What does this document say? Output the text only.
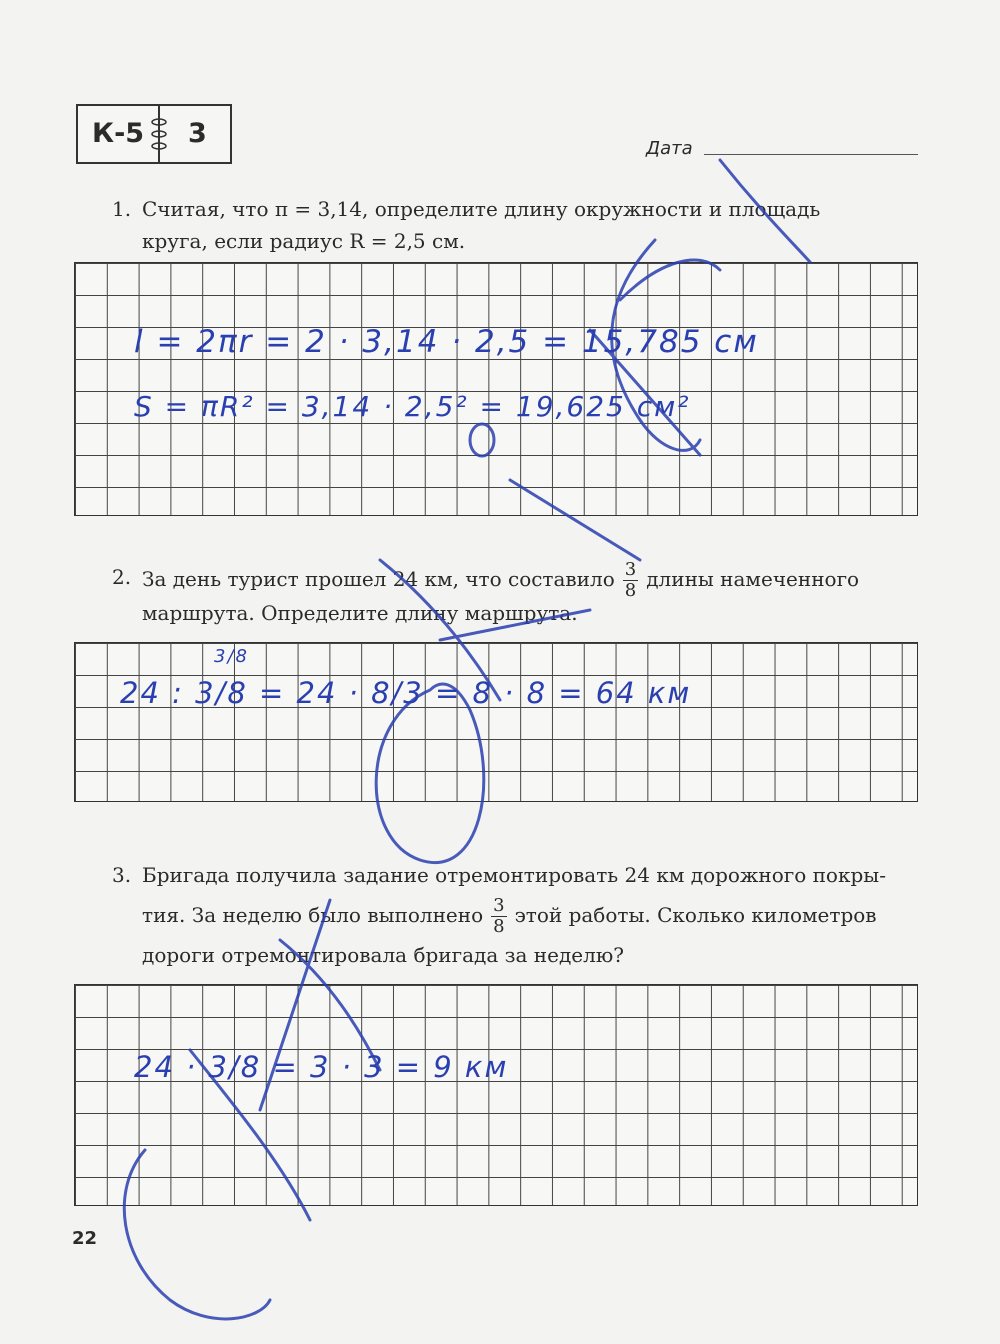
К-5 3	Дата
1. Считая, что π = 3,14, определите длину окружности и площадь
круга, если радиус R = 2,5 см.
l = 2πr = 2 · 3,14 · 2,5 = 15,785 см
S = πR² = 3,14 · 2,5² = 19,625 см²
2. За день турист прошел 24 км, что составило $\frac{3}{8}$ длины намеченного
маршрута. Определите длину маршрута.
24 : 3/8 = 24 · 8/3 = 8 · 8 = 64 км
3/8
3. Бригада получила задание отремонтировать 24 км дорожного покры-
тия. За неделю было выполнено $\frac{3}{8}$ этой работы. Сколько километров
дороги отремонтировала бригада за неделю?
24 · 3/8 = 3 · 3 = 9 км
22
